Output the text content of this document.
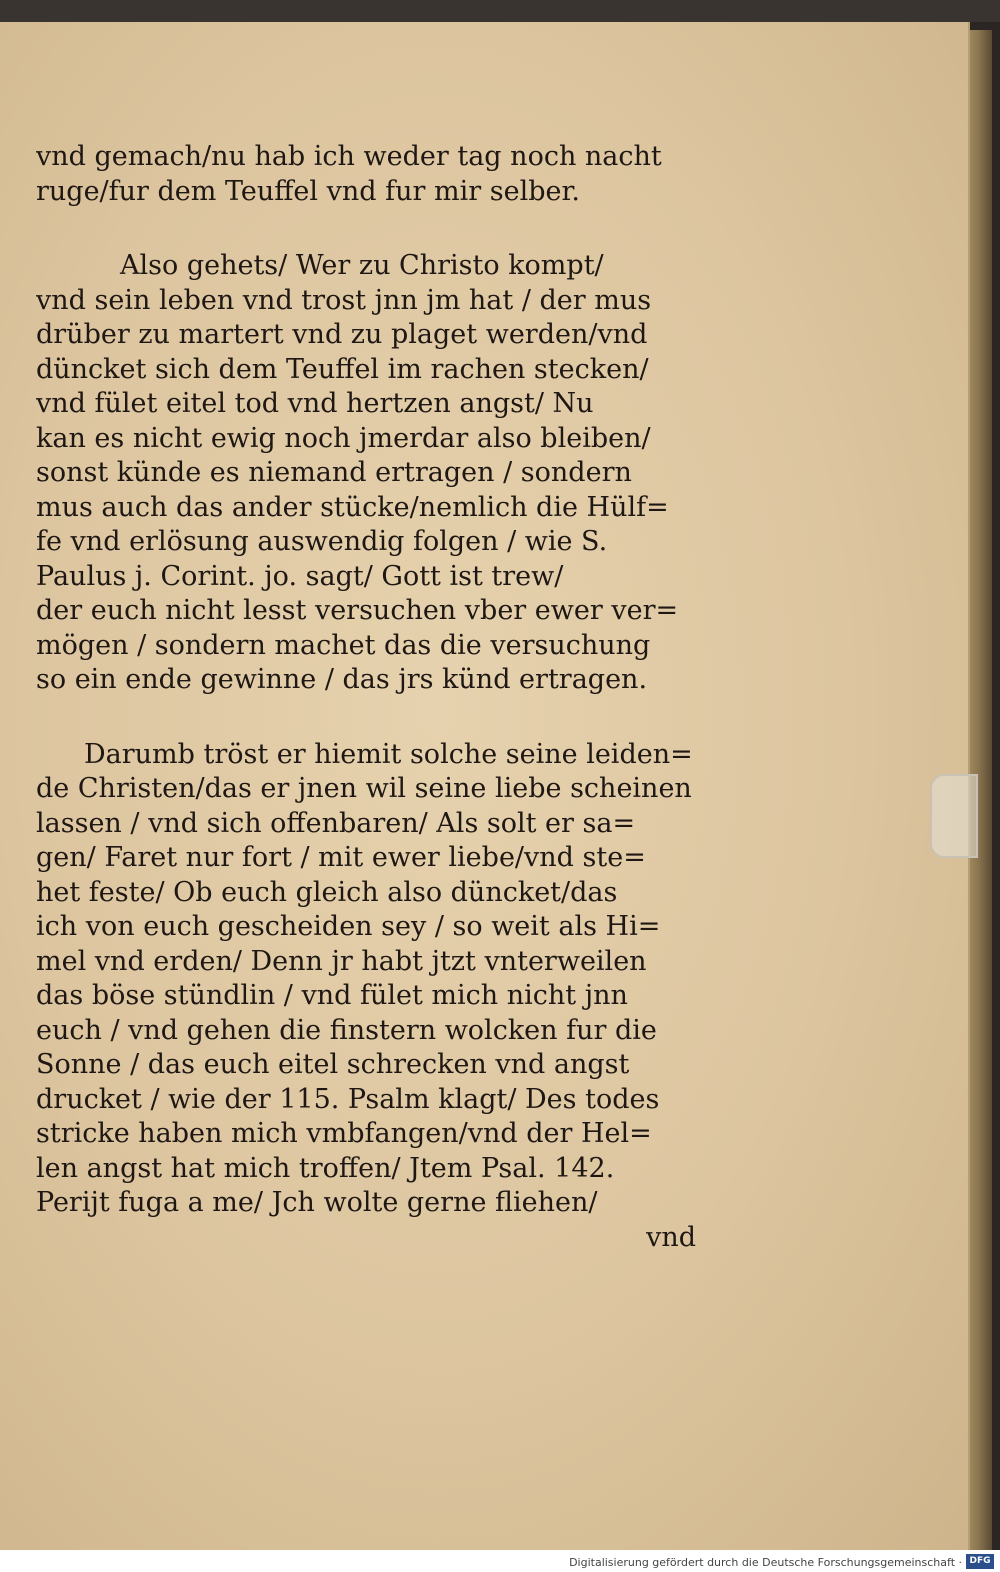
vnd gemach/nu hab ich weder tag noch nacht
ruge/fur dem Teuffel vnd fur mir selber.
Also gehets/ Wer zu Christo kompt/
vnd sein leben vnd trost jnn jm hat / der mus
drüber zu martert vnd zu plaget werden/vnd
düncket sich dem Teuffel im rachen stecken/
vnd fület eitel tod vnd hertzen angst/ Nu
kan es nicht ewig noch jmerdar also bleiben/
sonst künde es niemand ertragen / sondern
mus auch das ander stücke/nemlich die Hülf=
fe vnd erlösung auswendig folgen / wie S.
Paulus j. Corint. jo. sagt/ Gott ist trew/
der euch nicht lesst versuchen vber ewer ver=
mögen / sondern machet das die versuchung
so ein ende gewinne / das jrs künd ertragen.
Darumb tröst er hiemit solche seine leiden=
de Christen/das er jnen wil seine liebe scheinen
lassen / vnd sich offenbaren/ Als solt er sa=
gen/ Faret nur fort / mit ewer liebe/vnd ste=
het feste/ Ob euch gleich also düncket/das
ich von euch gescheiden sey / so weit als Hi=
mel vnd erden/ Denn jr habt jtzt vnterweilen
das böse stündlin / vnd fület mich nicht jnn
euch / vnd gehen die finstern wolcken fur die
Sonne / das euch eitel schrecken vnd angst
drucket / wie der 115. Psalm klagt/ Des todes
stricke haben mich vmbfangen/vnd der Hel=
len angst hat mich troffen/ Jtem Psal. 142.
Perijt fuga a me/ Jch wolte gerne fliehen/
vnd
Digitalisierung gefördert durch die Deutsche Forschungsgemeinschaft · DFG
